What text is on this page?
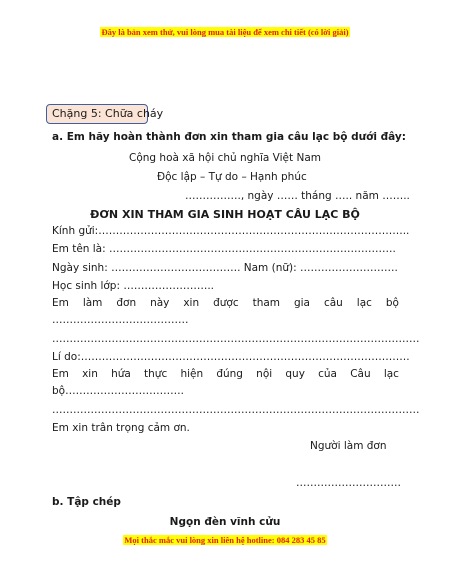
Đây là bản xem thử, vui lòng mua tài liệu để xem chi tiết (có lời giải)
Chặng 5: Chữa cháy
a. Em hãy hoàn thành đơn xin tham gia câu lạc bộ dưới đây:
Cộng hoà xã hội chủ nghĩa Việt Nam
Độc lập – Tự do – Hạnh phúc
……………., ngày …… tháng ….. năm ……..
ĐƠN XIN THAM GIA SINH HOẠT CÂU LẠC BỘ
Kính gửi:……………………………………………………………………………..
Em tên là: ……………………………………………………………………….
Ngày sinh: ………………………………. Nam (nữ): ……………………….
Học sinh lớp: ……………………..
Em làm đơn này xin được tham gia câu lạc bộ
…………………………………
……………………………………………………………………………………………
Lí do:………………………………………………………………………………….
Em xin hứa thực hiện đúng nội quy của Câu lạc
bộ…………………………….
……………………………………………………………………………………………
Em xin trân trọng cảm ơn.
Người làm đơn
…………………………
b. Tập chép
Ngọn đèn vĩnh cửu
Mọi thắc mắc vui lòng xin liên hệ hotline: 084 283 45 85
